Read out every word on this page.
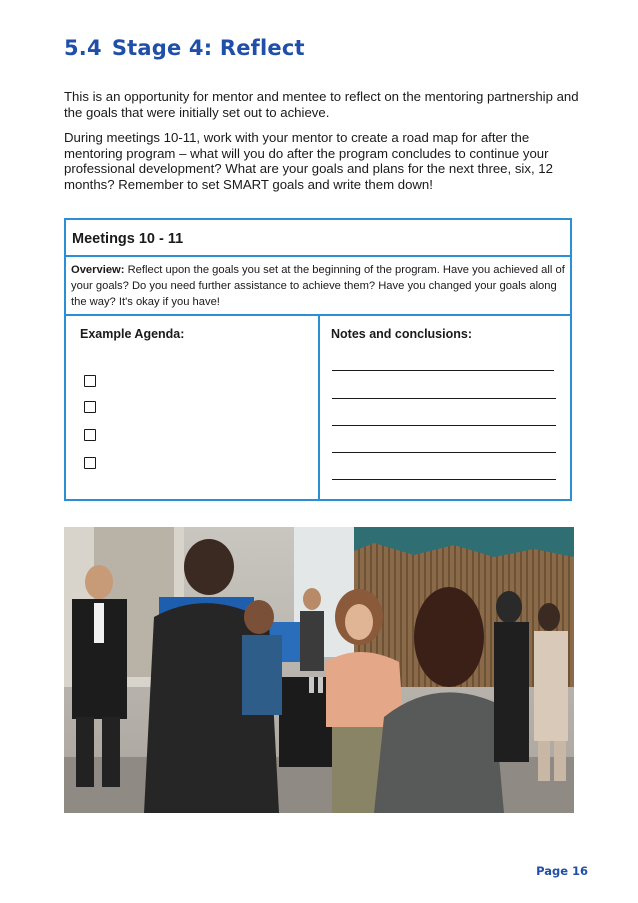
5.4 Stage 4: Reflect

This is an opportunity for mentor and mentee to reflect on the mentoring partnership and the goals that were initially set out to achieve.

During meetings 10-11, work with your mentor to create a road map for after the mentoring program – what will you do after the program concludes to continue your professional development? What are your goals and plans for the next three, six, 12 months? Remember to set SMART goals and write them down!

Meetings 10 - 11
Overview: Reflect upon the goals you set at the beginning of the program. Have you achieved all of your goals? Do you need further assistance to achieve them? Have you changed your goals along the way? It's okay if you have!
Example Agenda:	Notes and conclusions:
Page 16
